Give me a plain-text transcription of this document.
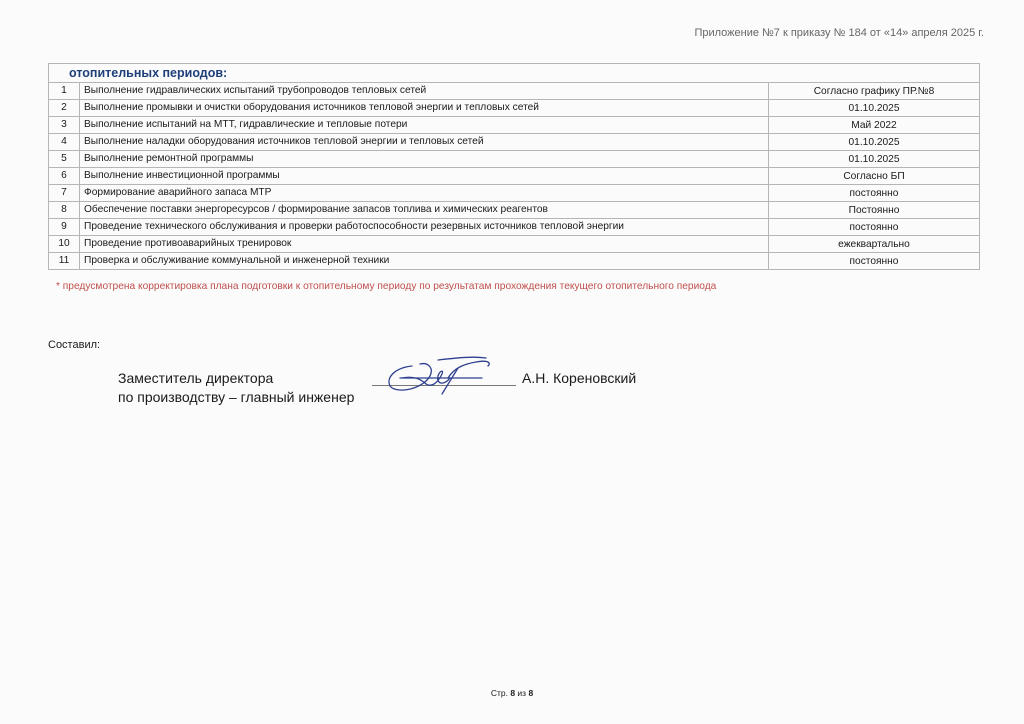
Приложение №7 к приказу № 184 от «14» апреля 2025 г.
отопительных периодов:		
1	Выполнение гидравлических испытаний трубопроводов тепловых сетей	Согласно графику ПР.№8
2	Выполнение промывки и очистки оборудования источников тепловой энергии и тепловых сетей	01.10.2025
3	Выполнение испытаний на МТТ, гидравлические и тепловые потери	Май 2022
4	Выполнение наладки оборудования источников тепловой энергии и тепловых сетей	01.10.2025
5	Выполнение ремонтной программы	01.10.2025
6	Выполнение инвестиционной программы	Согласно БП
7	Формирование аварийного запаса МТР	постоянно
8	Обеспечение поставки энергоресурсов / формирование запасов топлива и химических реагентов	Постоянно
9	Проведение технического обслуживания и проверки работоспособности резервных источников тепловой энергии	постоянно
10	Проведение противоаварийных тренировок	ежеквартально
11	Проверка и обслуживание коммунальной и инженерной техники	постоянно
* предусмотрена корректировка плана подготовки к отопительному периоду по результатам прохождения текущего отопительного периода
Составил:
Заместитель директора
по производству – главный инженер
А.Н. Кореновский
Стр. 8 из 8
